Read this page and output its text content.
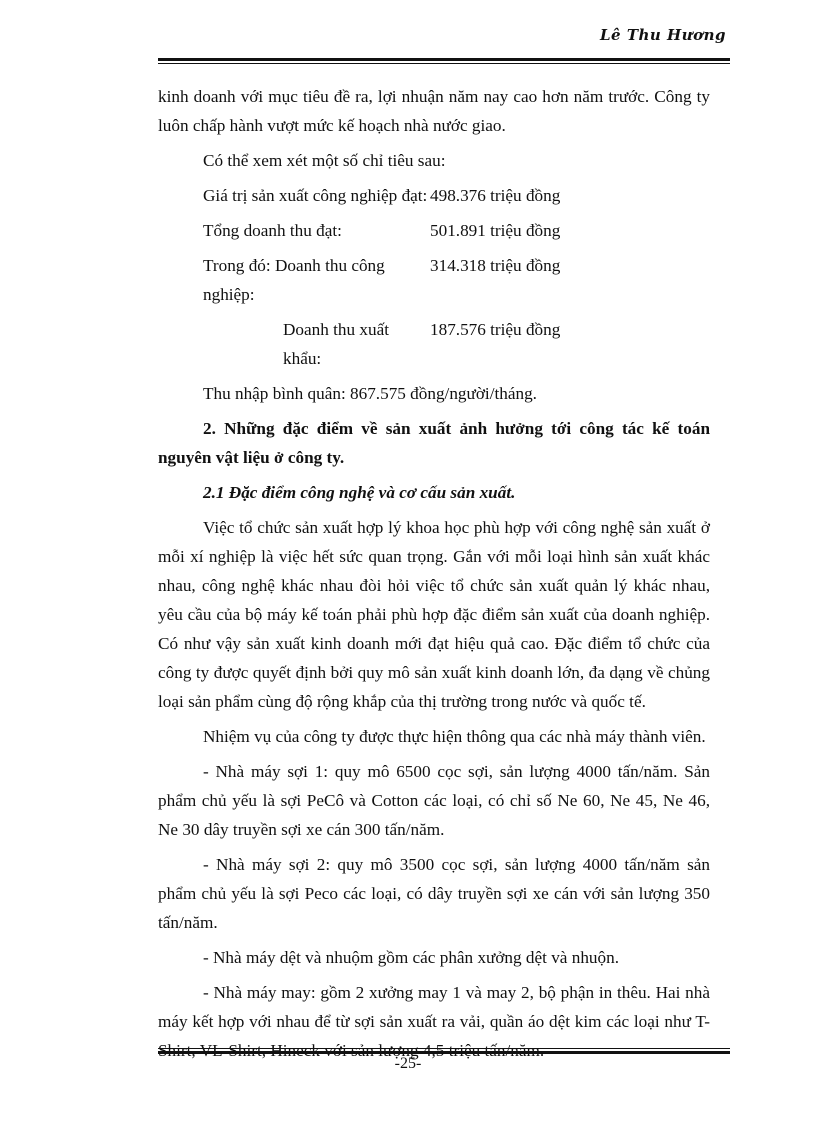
Lê Thu Hương

kinh doanh với mục tiêu đề ra, lợi nhuận năm nay cao hơn năm trước. Công ty luôn chấp hành vượt mức kế hoạch nhà nước giao.

Có thể xem xét một số chỉ tiêu sau:

Giá trị sản xuất công nghiệp đạt: 498.376 triệu đồng
Tổng doanh thu đạt:	501.891 triệu đồng
Trong đó: Doanh thu công nghiệp:
314.318 triệu đồng
Doanh thu xuất khẩu:
187.576 triệu đồng

Thu nhập bình quân: 867.575 đồng/người/tháng.

2. Những đặc điểm về sản xuất ảnh hưởng tới công tác kế toán nguyên vật liệu ở công ty.

2.1 Đặc điểm công nghệ và cơ cấu sản xuất.

Việc tổ chức sản xuất hợp lý khoa học phù hợp với công nghệ sản xuất ở mỗi xí nghiệp là việc hết sức quan trọng. Gắn với mỗi loại hình sản xuất khác nhau, công nghệ khác nhau đòi hỏi việc tổ chức sản xuất quản lý khác nhau, yêu cầu của bộ máy kế toán phải phù hợp đặc điểm sản xuất của doanh nghiệp. Có như vậy sản xuất kinh doanh mới đạt hiệu quả cao. Đặc điểm tổ chức của công ty được quyết định bởi quy mô sản xuất kinh doanh lớn, đa dạng về chủng loại sản phẩm cùng độ rộng khắp của thị trường trong nước và quốc tế.

Nhiệm vụ của công ty được thực hiện thông qua các nhà máy thành viên.

- Nhà máy sợi 1: quy mô 6500 cọc sợi, sản lượng 4000 tấn/năm. Sản phẩm chủ yếu là sợi PeCô và Cotton các loại, có chỉ số Ne 60, Ne 45, Ne 46, Ne 30 dây truyền sợi xe cán 300 tấn/năm.

- Nhà máy sợi 2: quy mô 3500 cọc sợi, sản lượng 4000 tấn/năm sản phẩm chủ yếu là sợi Peco các loại, có dây truyền sợi xe cán với sản lượng 350 tấn/năm.

- Nhà máy dệt và nhuộm gồm các phân xưởng dệt và nhuộn.

- Nhà máy may: gồm 2 xưởng may 1 và may 2, bộ phận in thêu. Hai nhà máy kết hợp với nhau để từ sợi sản xuất ra vải, quần áo dệt kim các loại như T-

-25-
